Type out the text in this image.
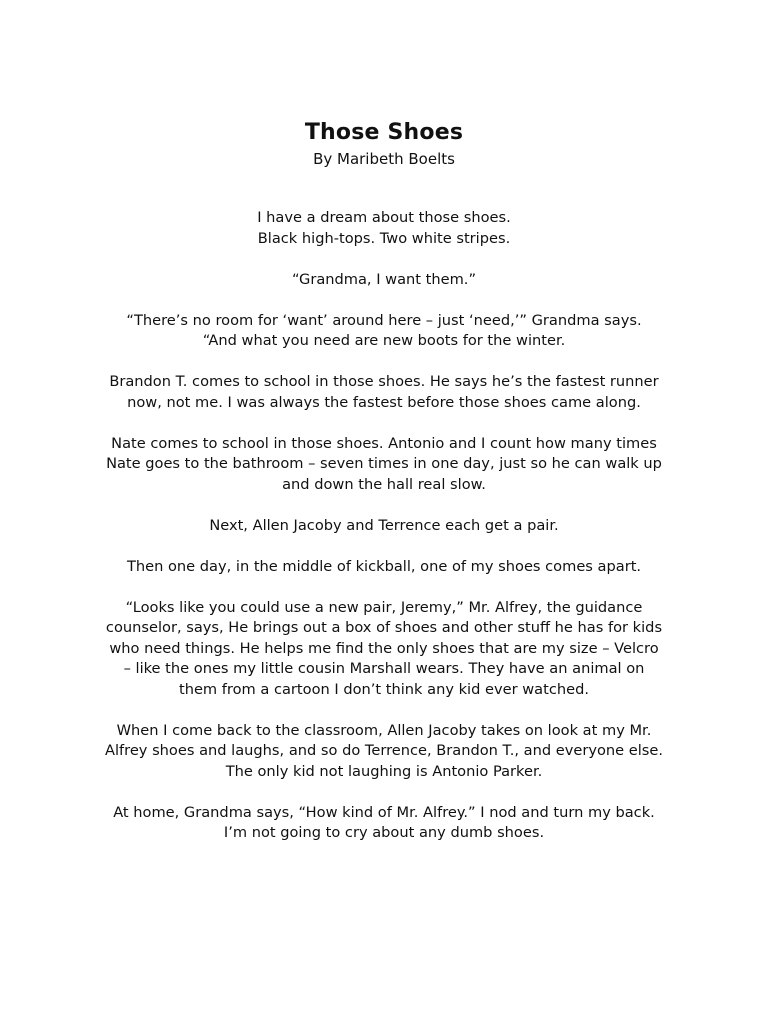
Those Shoes
By Maribeth Boelts
I have a dream about those shoes.
Black high-tops. Two white stripes.
“Grandma, I want them.”
“There’s no room for ‘want’ around here – just ‘need,’” Grandma says.
“And what you need are new boots for the winter.
Brandon T. comes to school in those shoes. He says he’s the fastest runner now, not me. I was always the fastest before those shoes came along.
Nate comes to school in those shoes. Antonio and I count how many times Nate goes to the bathroom – seven times in one day, just so he can walk up and down the hall real slow.
Next, Allen Jacoby and Terrence each get a pair.
Then one day, in the middle of kickball, one of my shoes comes apart.
“Looks like you could use a new pair, Jeremy,” Mr. Alfrey, the guidance counselor, says, He brings out a box of shoes and other stuff he has for kids who need things. He helps me find the only shoes that are my size – Velcro – like the ones my little cousin Marshall wears. They have an animal on them from a cartoon I don’t think any kid ever watched.
When I come back to the classroom, Allen Jacoby takes on look at my Mr. Alfrey shoes and laughs, and so do Terrence, Brandon T., and everyone else. The only kid not laughing is Antonio Parker.
At home, Grandma says, “How kind of Mr. Alfrey.” I nod and turn my back.
I’m not going to cry about any dumb shoes.
